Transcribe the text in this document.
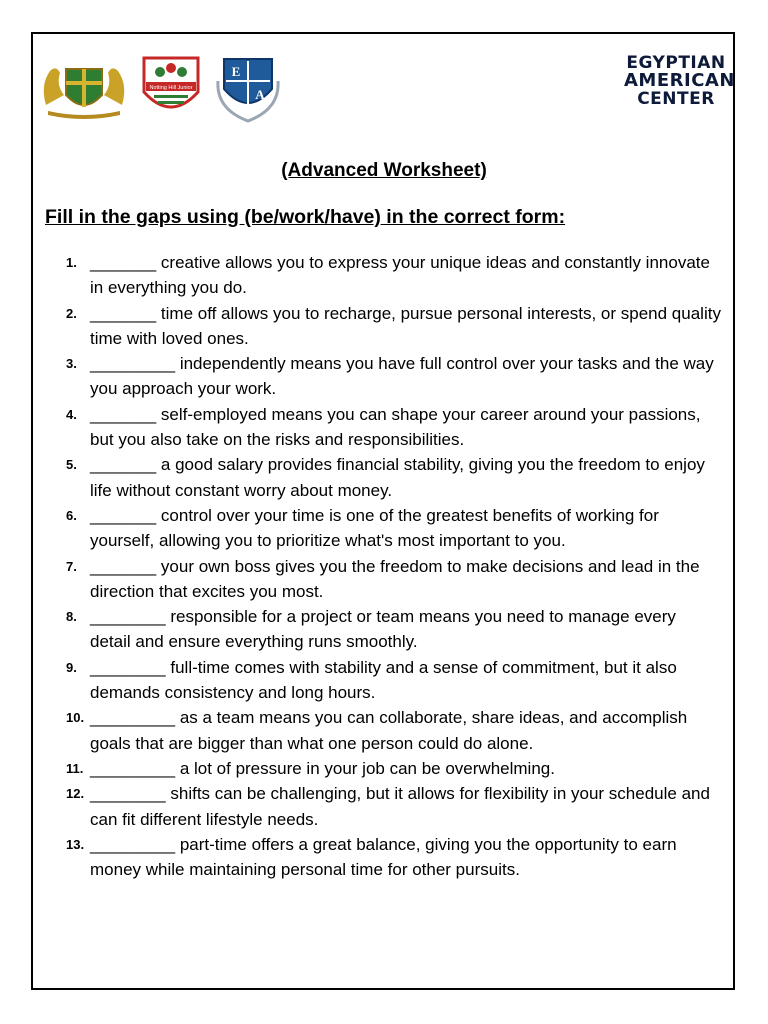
Notting Hill Junior
E
A
EGYPTIAN
AMERICAN
CENTER
(Advanced Worksheet)
Fill in the gaps using (be/work/have) in the correct form:
1. _______ creative allows you to express your unique ideas and constantly innovate in everything you do.
2. _______ time off allows you to recharge, pursue personal interests, or spend quality time with loved ones.
3. _________ independently means you have full control over your tasks and the way you approach your work.
4. _______ self-employed means you can shape your career around your passions, but you also take on the risks and responsibilities.
5. _______ a good salary provides financial stability, giving you the freedom to enjoy life without constant worry about money.
6. _______ control over your time is one of the greatest benefits of working for yourself, allowing you to prioritize what's most important to you.
7. _______ your own boss gives you the freedom to make decisions and lead in the direction that excites you most.
8. ________ responsible for a project or team means you need to manage every detail and ensure everything runs smoothly.
9. ________ full-time comes with stability and a sense of commitment, but it also demands consistency and long hours.
10. _________ as a team means you can collaborate, share ideas, and accomplish goals that are bigger than what one person could do alone.
11. _________ a lot of pressure in your job can be overwhelming.
12. ________ shifts can be challenging, but it allows for flexibility in your schedule and can fit different lifestyle needs.
13. _________ part-time offers a great balance, giving you the opportunity to earn money while maintaining personal time for other pursuits.
